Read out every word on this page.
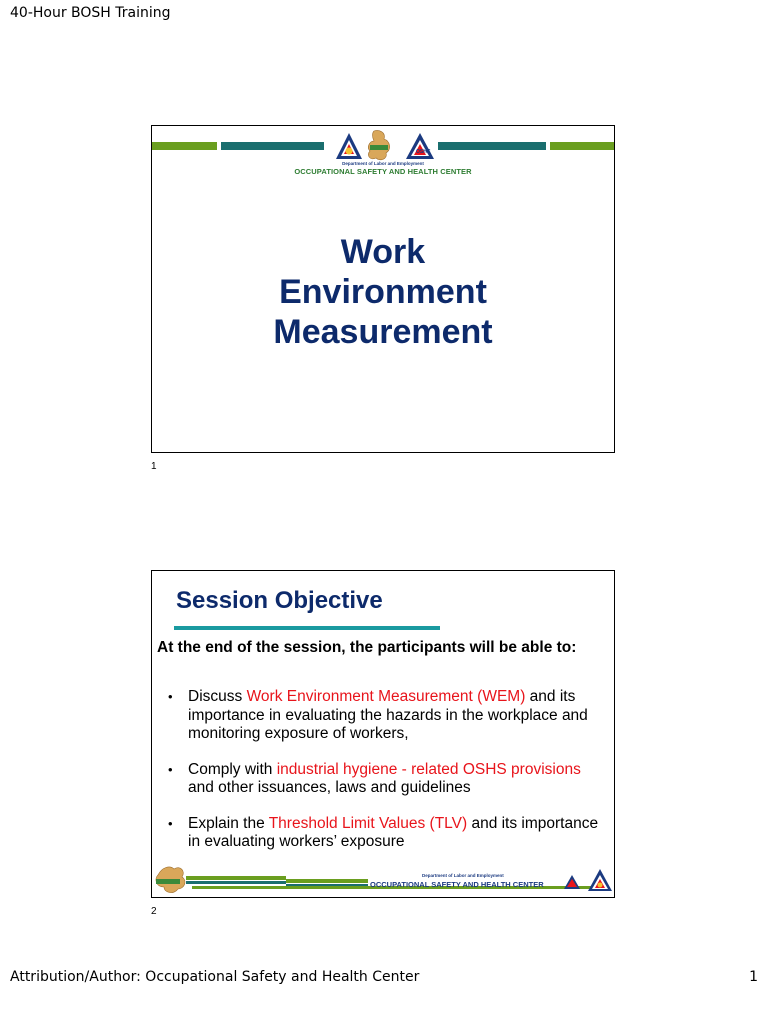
40-Hour BOSH Training
OSHC
Department of Labor and Employment
OCCUPATIONAL SAFETY AND HEALTH CENTER
Work
Environment
Measurement
1
Session Objective
At the end of the session, the participants will be able to:
• Discuss Work Environment Measurement (WEM) and its importance in evaluating the hazards in the workplace and monitoring exposure of workers,
• Comply with industrial hygiene - related OSHS provisions and other issuances, laws and guidelines
• Explain the Threshold Limit Values (TLV) and its importance in evaluating workers’ exposure
Department of Labor and Employment
OCCUPATIONAL SAFETY AND HEALTH CENTER
2
Attribution/Author: Occupational Safety and Health Center	1
